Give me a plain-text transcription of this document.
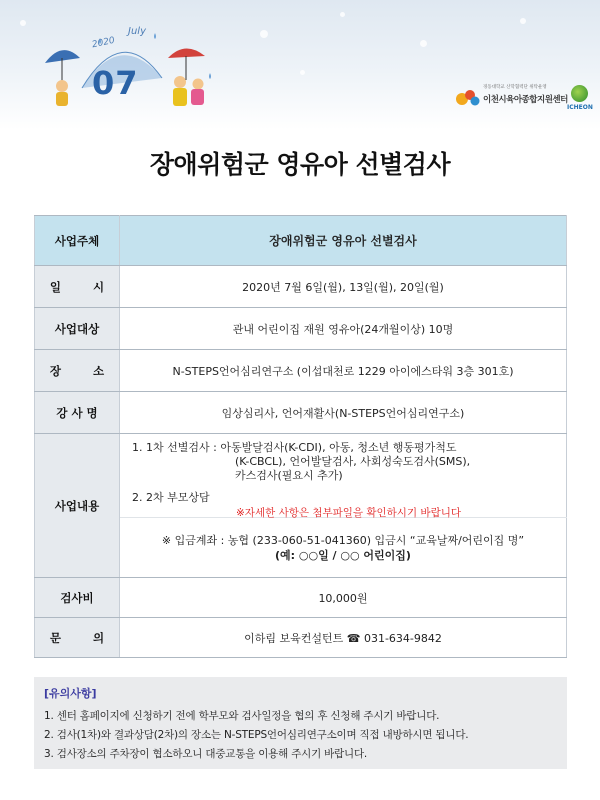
2020
July
07	경동대학교 산학협력단 위탁운영
이천시육아종합지원센터
ICHEON
장애위험군 영유아 선별검사
사업주체	장애위험군 영유아 선별검사
일 시	2020년 7월 6일(월), 13일(월), 20일(월)
사업대상	관내 어린이집 재원 영유아(24개월이상) 10명
장 소	N-STEPS언어심리연구소 (이섭대천로 1229 아이에스타워 3층 301호)
강 사 명	임상심리사, 언어재활사(N-STEPS언어심리연구소)
사업내용	1. 1차 선별검사 : 아동발달검사(K-CDI), 아동, 청소년 행동평가척도
(K-CBCL), 언어발달검사, 사회성숙도검사(SMS),
카스검사(필요시 추가)
2. 2차 부모상담
※자세한 사항은 첨부파일을 확인하시기 바랍니다

	※ 입금계좌 : 농협 (233-060-51-041360) 입금시 “교육날짜/어린이집 명”
(예: ○○일 / ○○ 어린이집)

검사비	10,000원
문 의	이하림 보육컨설턴트 ☎ 031-634-9842
[유의사항]
1. 센터 홈페이지에 신청하기 전에 학부모와 검사일정을 협의 후 신청해 주시기 바랍니다.
2. 검사(1차)와 결과상담(2차)의 장소는 N-STEPS언어심리연구소이며 직접 내방하시면 됩니다.
3. 검사장소의 주차장이 협소하오니 대중교통을 이용해 주시기 바랍니다.
